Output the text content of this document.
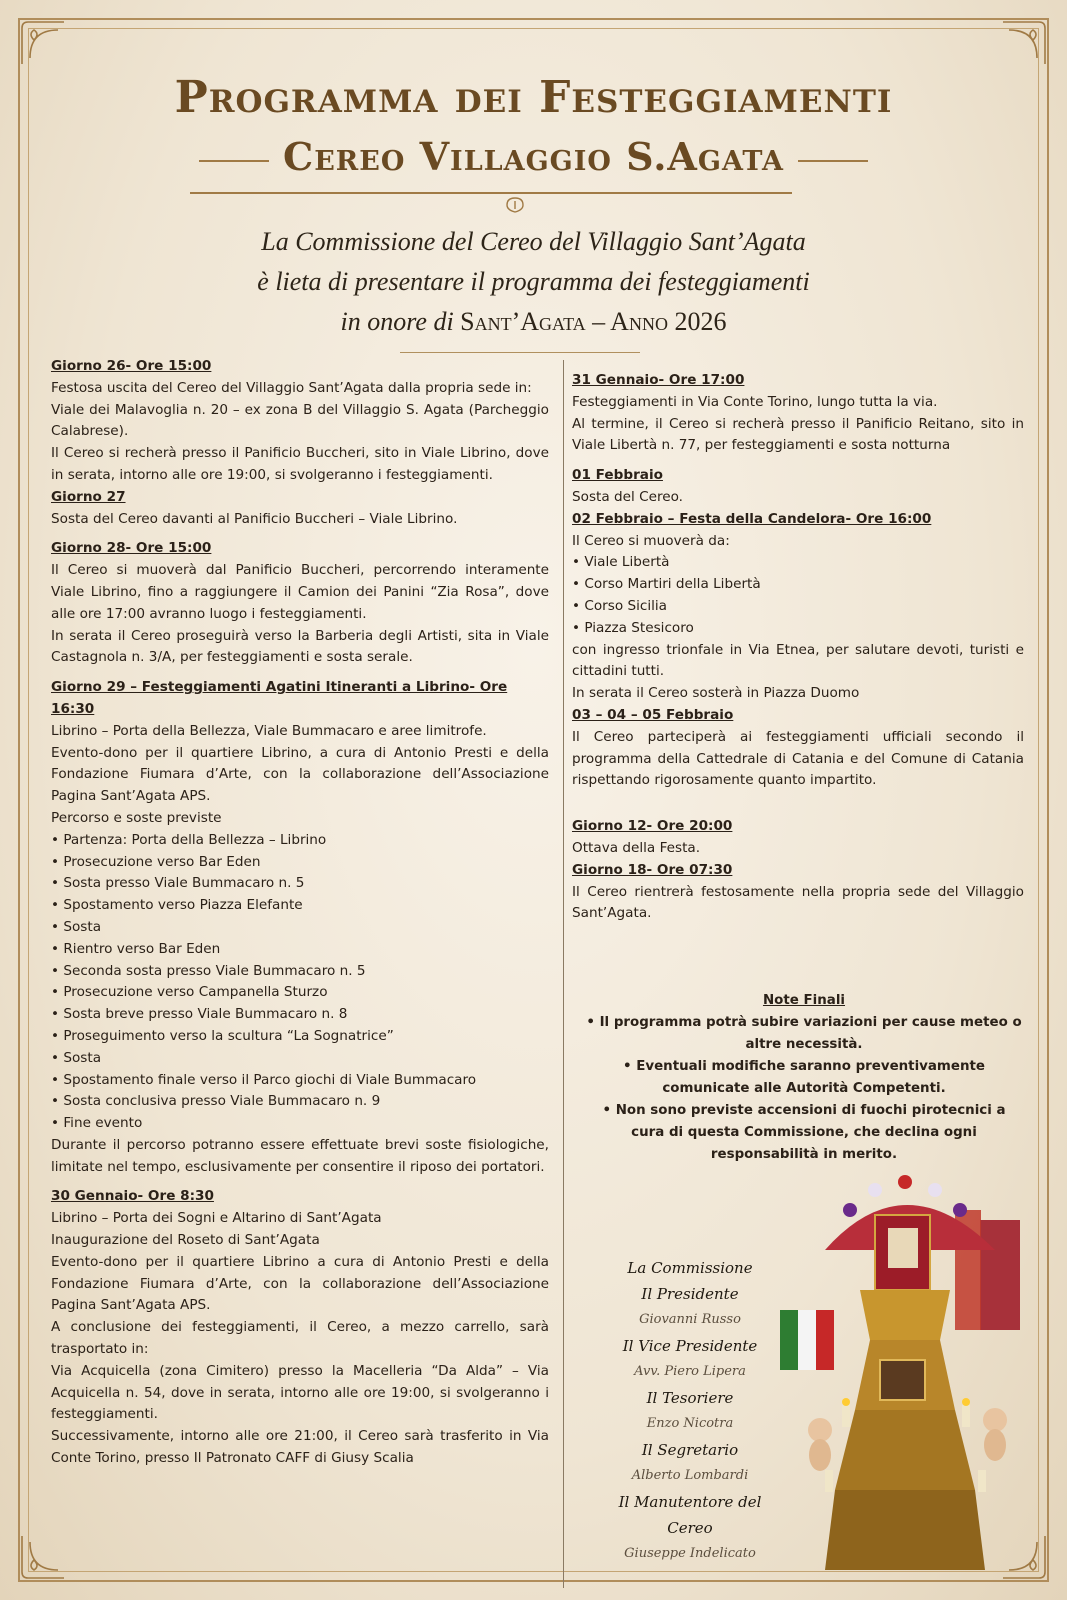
Programma dei Festeggiamenti
Cereo Villaggio S.Agata
La Commissione del Cereo del Villaggio Sant’Agata
è lieta di presentare il programma dei festeggiamenti
in onore di Sant’Agata – Anno 2026
Giorno 26- Ore 15:00

Festosa uscita del Cereo del Villaggio Sant’Agata dalla propria sede in:

Viale dei Malavoglia n. 20 – ex zona B del Villaggio S. Agata (Parcheggio Calabrese).

Il Cereo si recherà presso il Panificio Buccheri, sito in Viale Librino, dove in serata, intorno alle ore 19:00, si svolgeranno i festeggiamenti.

Giorno 27

Sosta del Cereo davanti al Panificio Buccheri – Viale Librino.

Giorno 28- Ore 15:00

Il Cereo si muoverà dal Panificio Buccheri, percorrendo interamente Viale Librino, fino a raggiungere il Camion dei Panini “Zia Rosa”, dove alle ore 17:00 avranno luogo i festeggiamenti.

In serata il Cereo proseguirà verso la Barberia degli Artisti, sita in Viale Castagnola n. 3/A, per festeggiamenti e sosta serale.

Giorno 29 – Festeggiamenti Agatini Itineranti a Librino- Ore 16:30

Librino – Porta della Bellezza, Viale Bummacaro e aree limitrofe.

Evento-dono per il quartiere Librino, a cura di Antonio Presti e della Fondazione Fiumara d’Arte, con la collaborazione dell’Associazione Pagina Sant’Agata APS.

Percorso e soste previste

• Partenza: Porta della Bellezza – Librino
• Prosecuzione verso Bar Eden
• Sosta presso Viale Bummacaro n. 5
• Spostamento verso Piazza Elefante
• Sosta
• Rientro verso Bar Eden
• Seconda sosta presso Viale Bummacaro n. 5
• Prosecuzione verso Campanella Sturzo
• Sosta breve presso Viale Bummacaro n. 8
• Proseguimento verso la scultura “La Sognatrice”
• Sosta
• Spostamento finale verso il Parco giochi di Viale Bummacaro
• Sosta conclusiva presso Viale Bummacaro n. 9
• Fine evento

Durante il percorso potranno essere effettuate brevi soste fisiologiche, limitate nel tempo, esclusivamente per consentire il riposo dei portatori.

30 Gennaio- Ore 8:30

Librino – Porta dei Sogni e Altarino di Sant’Agata

Inaugurazione del Roseto di Sant’Agata

Evento-dono per il quartiere Librino a cura di Antonio Presti e della Fondazione Fiumara d’Arte, con la collaborazione dell’Associazione Pagina Sant’Agata APS.

A conclusione dei festeggiamenti, il Cereo, a mezzo carrello, sarà trasportato in:

Via Acquicella (zona Cimitero) presso la Macelleria “Da Alda” – Via Acquicella n. 54, dove in serata, intorno alle ore 19:00, si svolgeranno i festeggiamenti.

Successivamente, intorno alle ore 21:00, il Cereo sarà trasferito in Via Conte Torino, presso Il Patronato CAFF di Giusy Scalia

31 Gennaio- Ore 17:00

Festeggiamenti in Via Conte Torino, lungo tutta la via.

Al termine, il Cereo si recherà presso il Panificio Reitano, sito in Viale Libertà n. 77, per festeggiamenti e sosta notturna

01 Febbraio

Sosta del Cereo.

02 Febbraio – Festa della Candelora- Ore 16:00

Il Cereo si muoverà da:

• Viale Libertà
• Corso Martiri della Libertà
• Corso Sicilia
• Piazza Stesicoro

con ingresso trionfale in Via Etnea, per salutare devoti, turisti e cittadini tutti.

In serata il Cereo sosterà in Piazza Duomo

03 – 04 – 05 Febbraio

Il Cereo parteciperà ai festeggiamenti ufficiali secondo il programma della Cattedrale di Catania e del Comune di Catania rispettando rigorosamente quanto impartito.

Giorno 12- Ore 20:00

Ottava della Festa.

Giorno 18- Ore 07:30

Il Cereo rientrerà festosamente nella propria sede del Villaggio Sant’Agata.

Note Finali
• Il programma potrà subire variazioni per cause meteo o altre necessità.
• Eventuali modifiche saranno preventivamente comunicate alle Autorità Competenti.
• Non sono previste accensioni di fuochi pirotecnici a cura di questa Commissione, che declina ogni responsabilità in merito.
La Commissione
Il Presidente
Giovanni Russo
Il Vice Presidente
Avv. Piero Lipera
Il Tesoriere
Enzo Nicotra
Il Segretario
Alberto Lombardi
Il Manutentore del Cereo
Giuseppe Indelicato
